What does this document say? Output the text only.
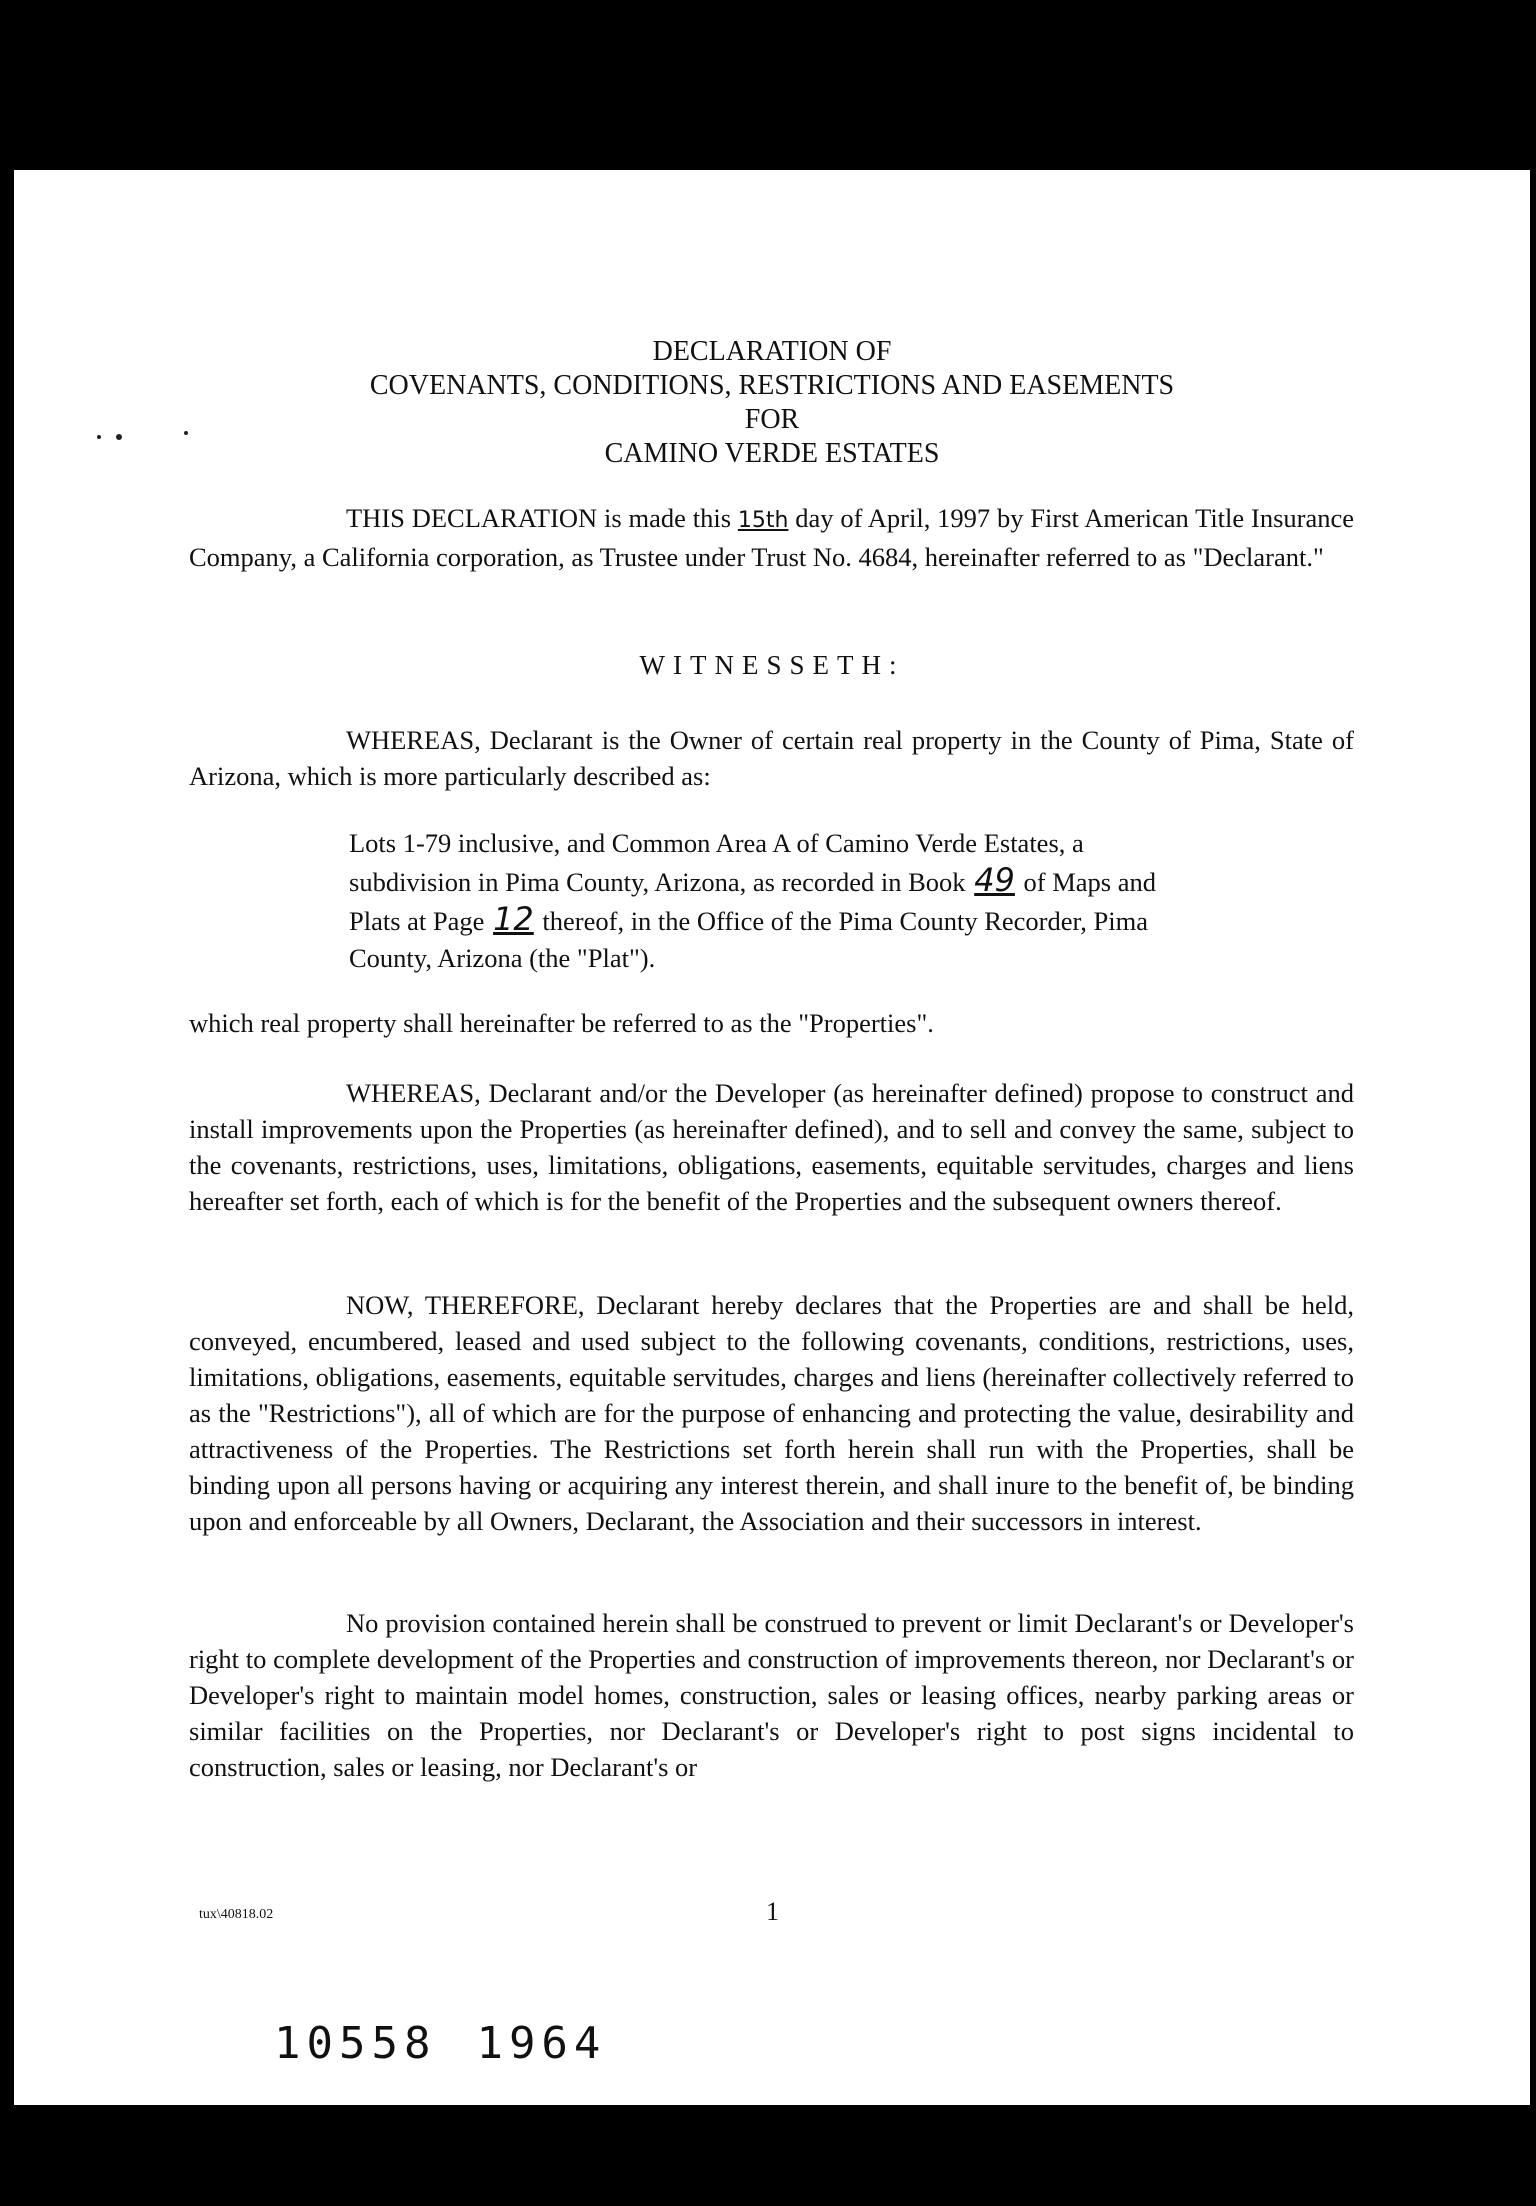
DECLARATION OF
COVENANTS, CONDITIONS, RESTRICTIONS AND EASEMENTS
FOR
CAMINO VERDE ESTATES

THIS DECLARATION is made this 15th day of April, 1997 by First American Title Insurance Company, a California corporation, as Trustee under Trust No. 4684, hereinafter referred to as "Declarant."

WITNESSETH:

WHEREAS, Declarant is the Owner of certain real property in the County of Pima, State of Arizona, which is more particularly described as:

Lots 1-79 inclusive, and Common Area A of Camino Verde Estates, a subdivision in Pima County, Arizona, as recorded in Book 49 of Maps and Plats at Page 12 thereof, in the Office of the Pima County Recorder, Pima County, Arizona (the "Plat").

which real property shall hereinafter be referred to as the "Properties".

WHEREAS, Declarant and/or the Developer (as hereinafter defined) propose to construct and install improvements upon the Properties (as hereinafter defined), and to sell and convey the same, subject to the covenants, restrictions, uses, limitations, obligations, easements, equitable servitudes, charges and liens hereafter set forth, each of which is for the benefit of the Properties and the subsequent owners thereof.

NOW, THEREFORE, Declarant hereby declares that the Properties are and shall be held, conveyed, encumbered, leased and used subject to the following covenants, conditions, restrictions, uses, limitations, obligations, easements, equitable servitudes, charges and liens (hereinafter collectively referred to as the "Restrictions"), all of which are for the purpose of enhancing and protecting the value, desirability and attractiveness of the Properties. The Restrictions set forth herein shall run with the Properties, shall be binding upon all persons having or acquiring any interest therein, and shall inure to the benefit of, be binding upon and enforceable by all Owners, Declarant, the Association and their successors in interest.

No provision contained herein shall be construed to prevent or limit Declarant's or Developer's right to complete development of the Properties and construction of improvements thereon, nor Declarant's or Developer's right to maintain model homes, construction, sales or leasing offices, nearby parking areas or similar facilities on the Properties, nor Declarant's or Developer's right to post signs incidental to construction, sales or leasing, nor Declarant's or

tux\40818.02	1
10558 1964
